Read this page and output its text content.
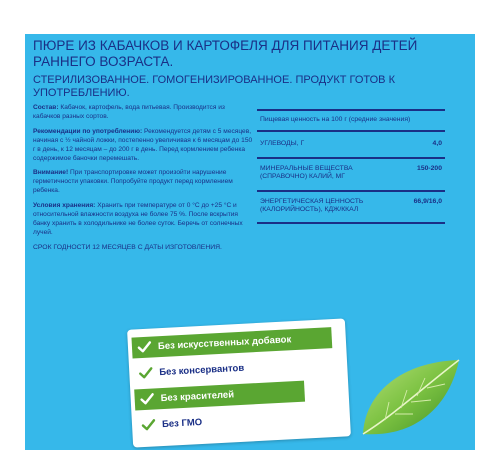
ПЮРЕ ИЗ КАБАЧКОВ И КАРТОФЕЛЯ ДЛЯ ПИТАНИЯ ДЕТЕЙ РАННЕГО ВОЗРАСТА.
СТЕРИЛИЗОВАННОЕ. ГОМОГЕНИЗИРОВАННОЕ. ПРОДУКТ ГОТОВ К УПОТРЕБЛЕНИЮ.

Состав: Кабачок, картофель, вода питьевая. Производится из кабачков разных сортов.

Рекомендации по употреблению: Рекомендуется детям с 5 месяцев, начиная с ½ чайной ложки, постепенно увеличивая к 6 месяцам до 150 г в день, к 12 месяцам – до 200 г в день. Перед кормлением ребенка содержимое баночки перемешать.

Внимание! При транспортировке может произойти нарушение герметичности упаковки. Попробуйте продукт перед кормлением ребенка.

Условия хранения: Хранить при температуре от 0 °C до +25 °C и относительной влажности воздуха не более 75 %. После вскрытия банку хранить в холодильнике не более суток. Беречь от солнечных лучей.

СРОК ГОДНОСТИ 12 МЕСЯЦЕВ С ДАТЫ ИЗГОТОВЛЕНИЯ.

Пищевая ценность на 100 г (средние значения)
УГЛЕВОДЫ, Г	4,0
МИНЕРАЛЬНЫЕ ВЕЩЕСТВА (СПРАВОЧНО) КАЛИЙ, МГ
150-200
ЭНЕРГЕТИЧЕСКАЯ ЦЕННОСТЬ (КАЛОРИЙНОСТЬ), КДЖ/ККАЛ
66,9/16,0
Без искусственных добавок
Без консервантов
Без красителей
Без ГМО
